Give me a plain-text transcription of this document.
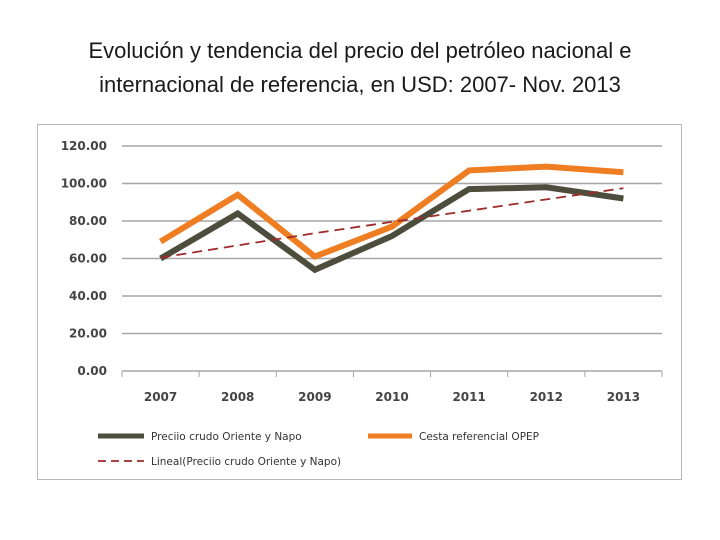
Evolución y tendencia del precio del petróleo nacional e
internacional de referencia, en USD: 2007- Nov. 2013
0.00
20.00
40.00
60.00
80.00
100.00
120.00
2007	2008	2009	2010	2011	2012	2013
Preciio crudo Oriente y Napo	Cesta referencial OPEP
Lineal(Preciio crudo Oriente y Napo)
